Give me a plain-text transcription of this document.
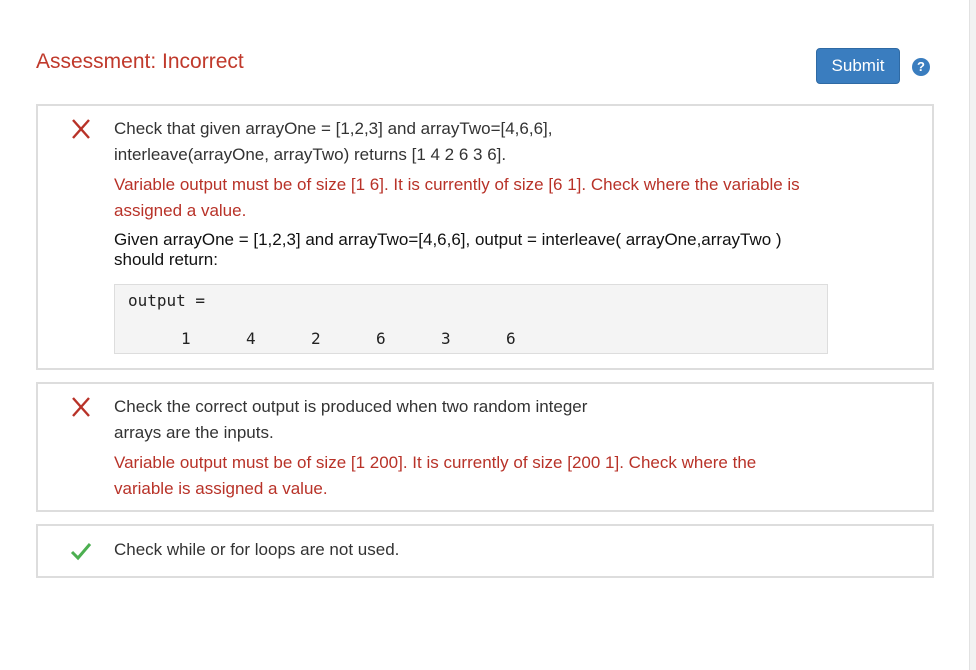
Assessment: Incorrect	Submit	?
Check that given arrayOne = [1,2,3] and arrayTwo=[4,6,6], interleave(arrayOne, arrayTwo) returns [1 4 2 6 3 6].
Variable output must be of size [1 6]. It is currently of size [6 1]. Check where the variable is assigned a value.
Given arrayOne = [1,2,3] and arrayTwo=[4,6,6], output = interleave( arrayOne,arrayTwo ) should return:
output =
1	4	2	6	3	6
Check the correct output is produced when two random integer arrays are the inputs.
Variable output must be of size [1 200]. It is currently of size [200 1]. Check where the variable is assigned a value.
Check while or for loops are not used.
